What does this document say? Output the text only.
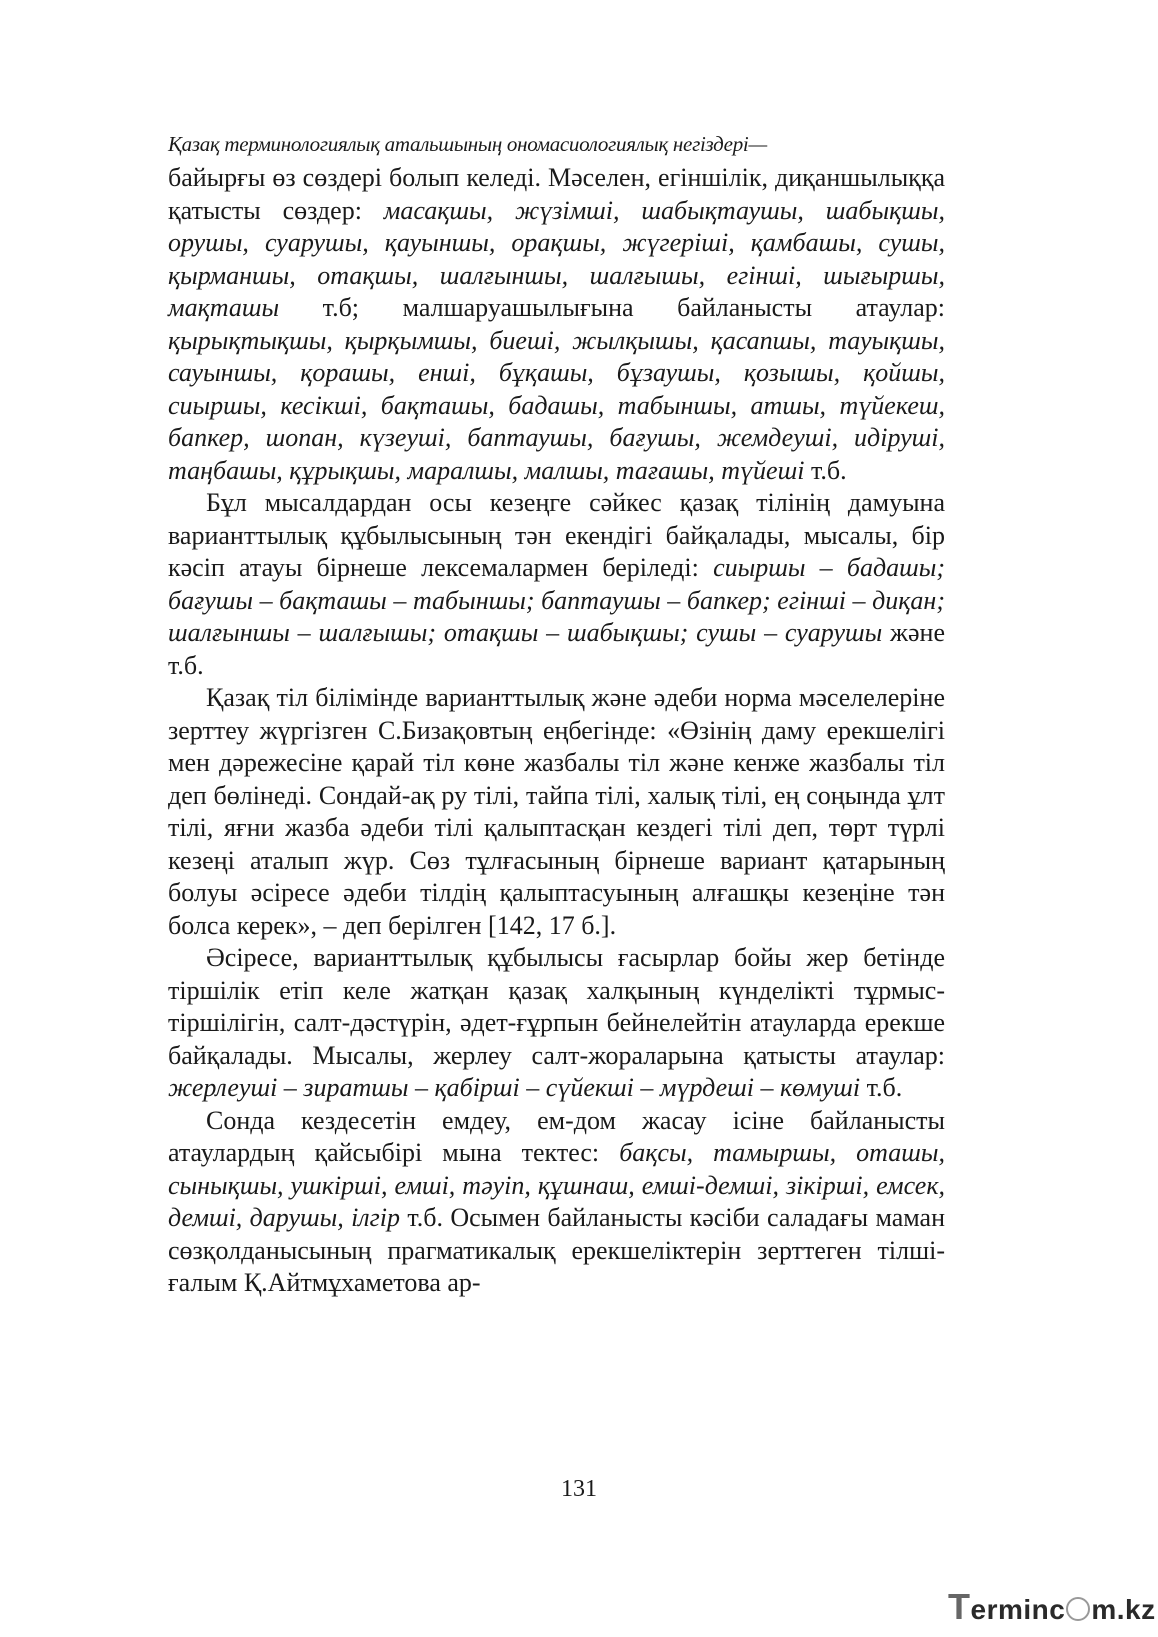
Қазақ терминологиялық атальшының ономасиологиялық негіздері—

байырғы өз сөздері болып келеді. Мәселен, егіншілік, диқаншылыққа қатысты сөздер: масақшы, жүзімші, шабықтаушы, шабықшы, орушы, суарушы, қауыншы, орақшы, жүгерішi, қамбашы, сушы, қырманшы, отақшы, шалғыншы, шалғышы, егінші, шығыршы, мақташы т.б; малшаруашылығына байланысты атаулар: қырықтықшы, қырқымшы, биеші, жылқышы, қасапшы, тауықшы, сауыншы, қорашы, енші, бұқашы, бұзаушы, қозышы, қойшы, сиыршы, кесікші, бақташы, бадашы, табыншы, атшы, түйекеш, бапкер, шопан, күзеуші, баптаушы, бағушы, жемдеуші, идірушi, таңбашы, құрықшы, маралшы, малшы, тағашы, түйеші т.б.

Бұл мысалдардан осы кезеңге сәйкес қазақ тілінің дамуына варианттылық құбылысының тән екендігі байқалады, мысалы, бір кәсіп атауы бірнеше лексемалармен беріледі: сиыршы – бадашы; бағушы – бақташы – табыншы; баптаушы – бапкер; егінші – диқан; шалғыншы – шалғышы; отақшы – шабықшы; сушы – суарушы және т.б.

Қазақ тіл білімінде варианттылық және әдеби норма мәселелеріне зерттеу жүргізген С.Бизақовтың еңбегінде: «Өзінің даму ерекшелігі мен дәрежесіне қарай тіл көне жазбалы тіл және кенже жазбалы тіл деп бөлінеді. Сондай-ақ ру тілі, тайпа тілі, халық тілі, ең соңында ұлт тілі, яғни жазба әдеби тілі қалыптасқан кездегі тілі деп, төрт түрлі кезеңі аталып жүр. Сөз тұлғасының бірнеше вариант қатарының болуы әсіресе әдеби тілдің қалыптасуының алғашқы кезеңіне тән болса керек», – деп берілген [142, 17 б.].

Әсіресе, варианттылық құбылысы ғасырлар бойы жер бетінде тіршілік етіп келе жатқан қазақ халқының күнделікті тұрмыс-тіршілігін, салт-дәстүрін, әдет-ғұрпын бейнелейтін атауларда ерекше байқалады. Мысалы, жерлеу салт-жораларына қатысты атаулар: жерлеуші – зиратшы – қабірші – сүйекші – мүрдеші – көмуші т.б.

Сонда кездесетін емдеу, ем-дом жасау ісіне байланысты атаулардың қайсыбірі мына тектес: бақсы, тамыршы, оташы, сынықшы, ушкірші, емші, тәуіп, құшнаш, емші-демші, зікірші, емсек, демші, дарушы, ілгір т.б. Осымен байланысты кәсіби саладағы маман сөзқолданысының прагматикалық ерекшеліктерін зерттеген тілші-ғалым Қ.Айтмұхаметова ар-

131
Terminc m.kz
